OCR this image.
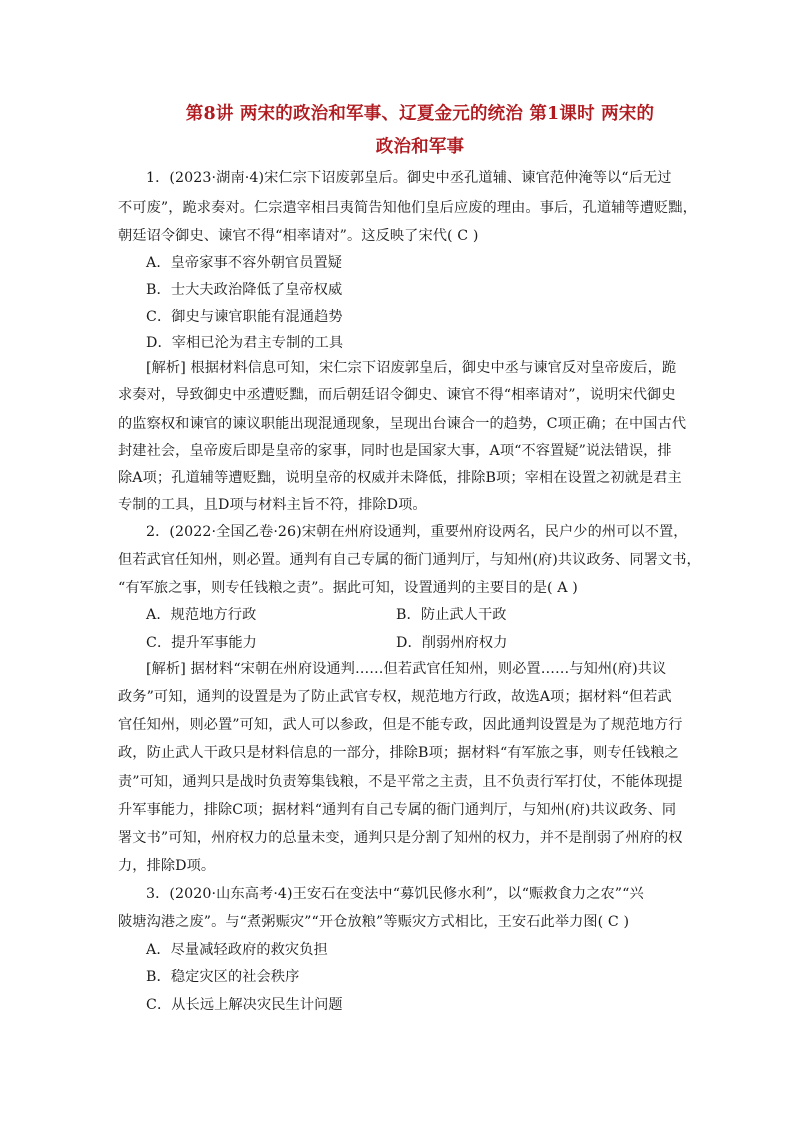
第8讲 两宋的政治和军事、辽夏金元的统治 第1课时 两宋的
政治和军事
1．(2023·湖南·4)宋仁宗下诏废郭皇后。御史中丞孔道辅、谏官范仲淹等以“后无过
不可废”，跪求奏对。仁宗遣宰相吕夷简告知他们皇后应废的理由。事后，孔道辅等遭贬黜，
朝廷诏令御史、谏官不得“相率请对”。这反映了宋代( C )
A．皇帝家事不容外朝官员置疑
B．士大夫政治降低了皇帝权威
C．御史与谏官职能有混通趋势
D．宰相已沦为君主专制的工具
[解析] 根据材料信息可知，宋仁宗下诏废郭皇后，御史中丞与谏官反对皇帝废后，跪
求奏对，导致御史中丞遭贬黜，而后朝廷诏令御史、谏官不得“相率请对”，说明宋代御史
的监察权和谏官的谏议职能出现混通现象，呈现出台谏合一的趋势，C项正确；在中国古代
封建社会，皇帝废后即是皇帝的家事，同时也是国家大事，A项“不容置疑”说法错误，排
除A项；孔道辅等遭贬黜，说明皇帝的权威并未降低，排除B项；宰相在设置之初就是君主
专制的工具，且D项与材料主旨不符，排除D项。
2．(2022·全国乙卷·26)宋朝在州府设通判，重要州府设两名，民户少的州可以不置，
但若武官任知州，则必置。通判有自己专属的衙门通判厅，与知州(府)共议政务、同署文书，
“有军旅之事，则专任钱粮之责”。据此可知，设置通判的主要目的是( A )
A．规范地方行政	B．防止武人干政
C．提升军事能力	D．削弱州府权力
[解析] 据材料“宋朝在州府设通判……但若武官任知州，则必置……与知州(府)共议
政务”可知，通判的设置是为了防止武官专权，规范地方行政，故选A项；据材料“但若武
官任知州，则必置”可知，武人可以参政，但是不能专政，因此通判设置是为了规范地方行
政，防止武人干政只是材料信息的一部分，排除B项；据材料“有军旅之事，则专任钱粮之
责”可知，通判只是战时负责筹集钱粮，不是平常之主责，且不负责行军打仗，不能体现提
升军事能力，排除C项；据材料“通判有自己专属的衙门通判厅，与知州(府)共议政务、同
署文书”可知，州府权力的总量未变，通判只是分割了知州的权力，并不是削弱了州府的权
力，排除D项。
3．(2020·山东高考·4)王安石在变法中“募饥民修水利”，以“赈救食力之农”“兴
陂塘沟港之废”。与“煮粥赈灾”“开仓放粮”等赈灾方式相比，王安石此举力图( C )
A．尽量减轻政府的救灾负担
B．稳定灾区的社会秩序
C．从长远上解决灾民生计问题
